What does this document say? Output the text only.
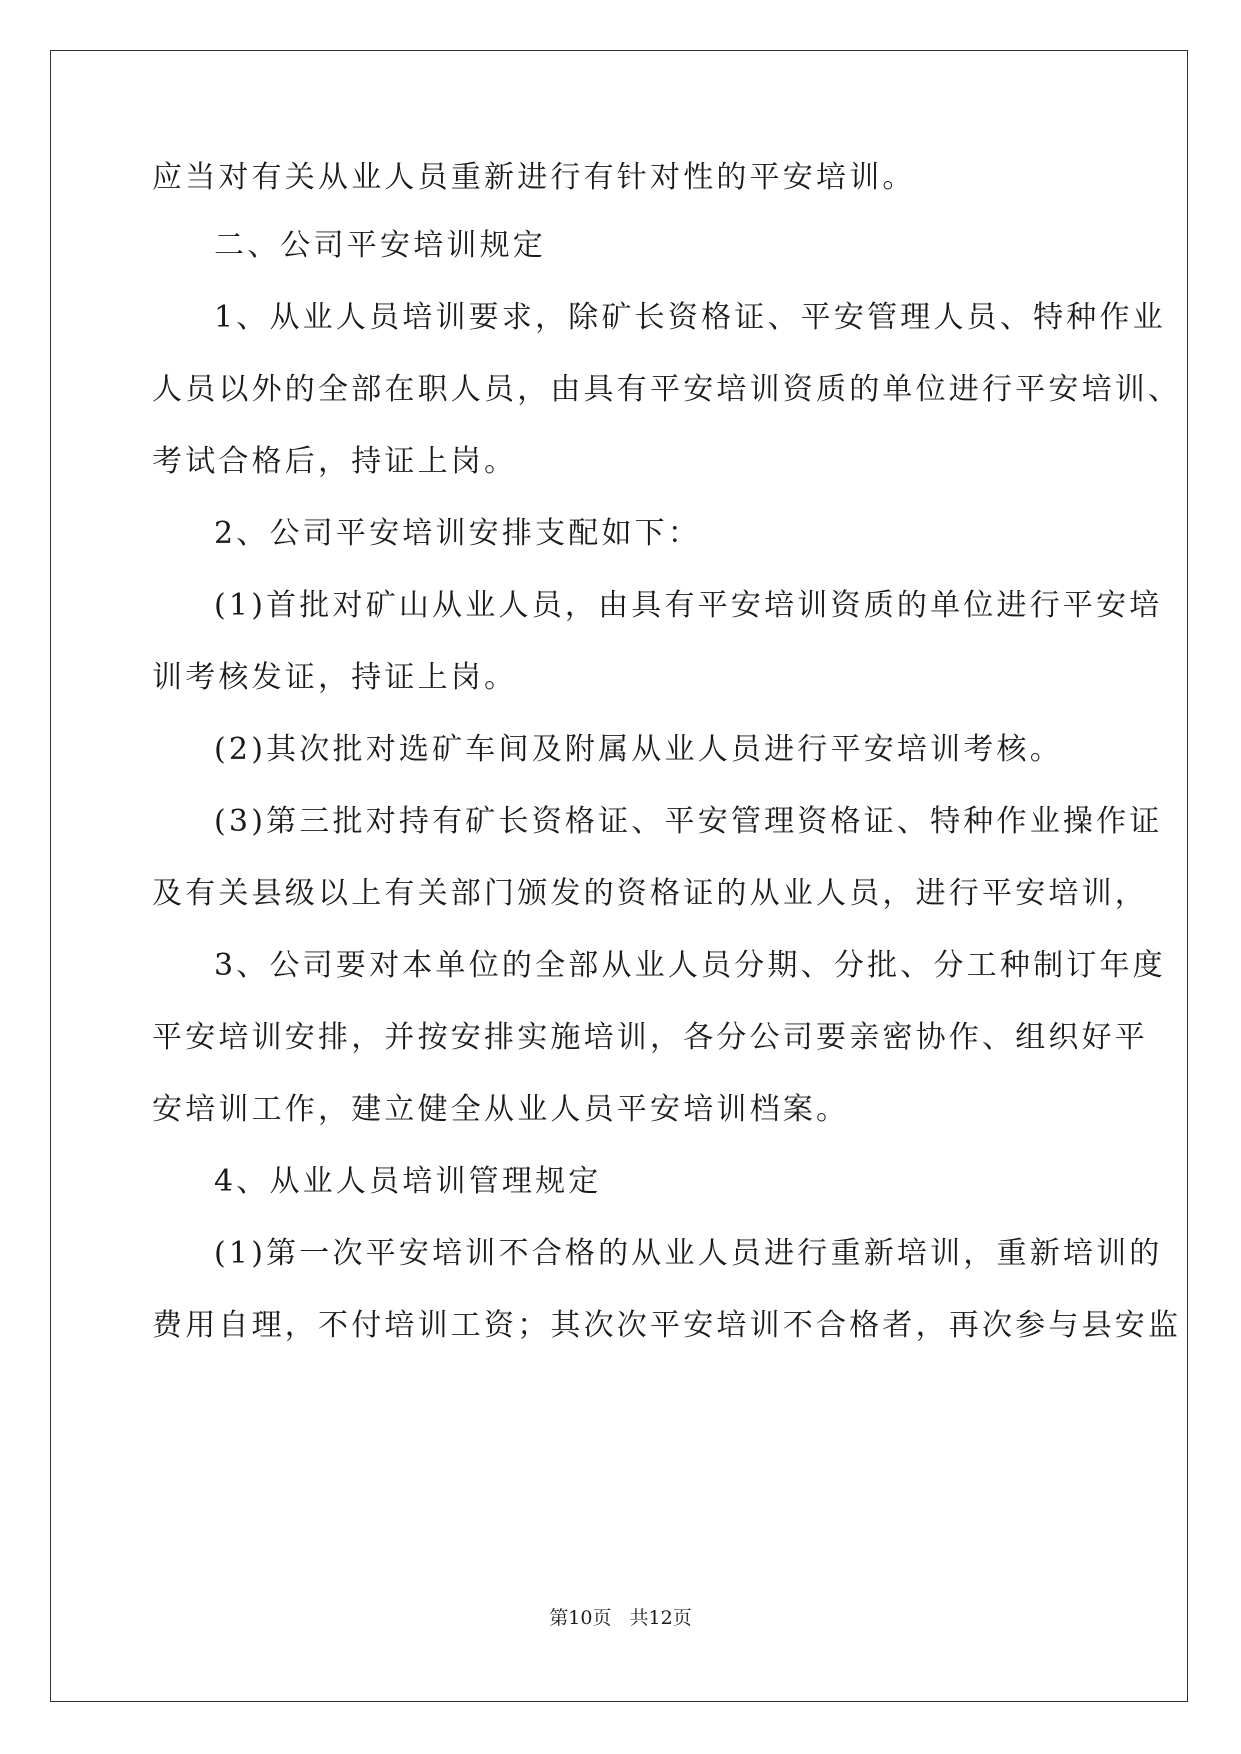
应当对有关从业人员重新进行有针对性的平安培训。
二、公司平安培训规定
1、从业人员培训要求，除矿长资格证、平安管理人员、特种作业
人员以外的全部在职人员，由具有平安培训资质的单位进行平安培训、
考试合格后，持证上岗。
2、公司平安培训安排支配如下：
(1)首批对矿山从业人员，由具有平安培训资质的单位进行平安培
训考核发证，持证上岗。
(2)其次批对选矿车间及附属从业人员进行平安培训考核。
(3)第三批对持有矿长资格证、平安管理资格证、特种作业操作证
及有关县级以上有关部门颁发的资格证的从业人员，进行平安培训，
3、公司要对本单位的全部从业人员分期、分批、分工种制订年度
平安培训安排，并按安排实施培训，各分公司要亲密协作、组织好平
安培训工作，建立健全从业人员平安培训档案。
4、从业人员培训管理规定
(1)第一次平安培训不合格的从业人员进行重新培训，重新培训的
费用自理，不付培训工资；其次次平安培训不合格者，再次参与县安监
第10页 共12页
